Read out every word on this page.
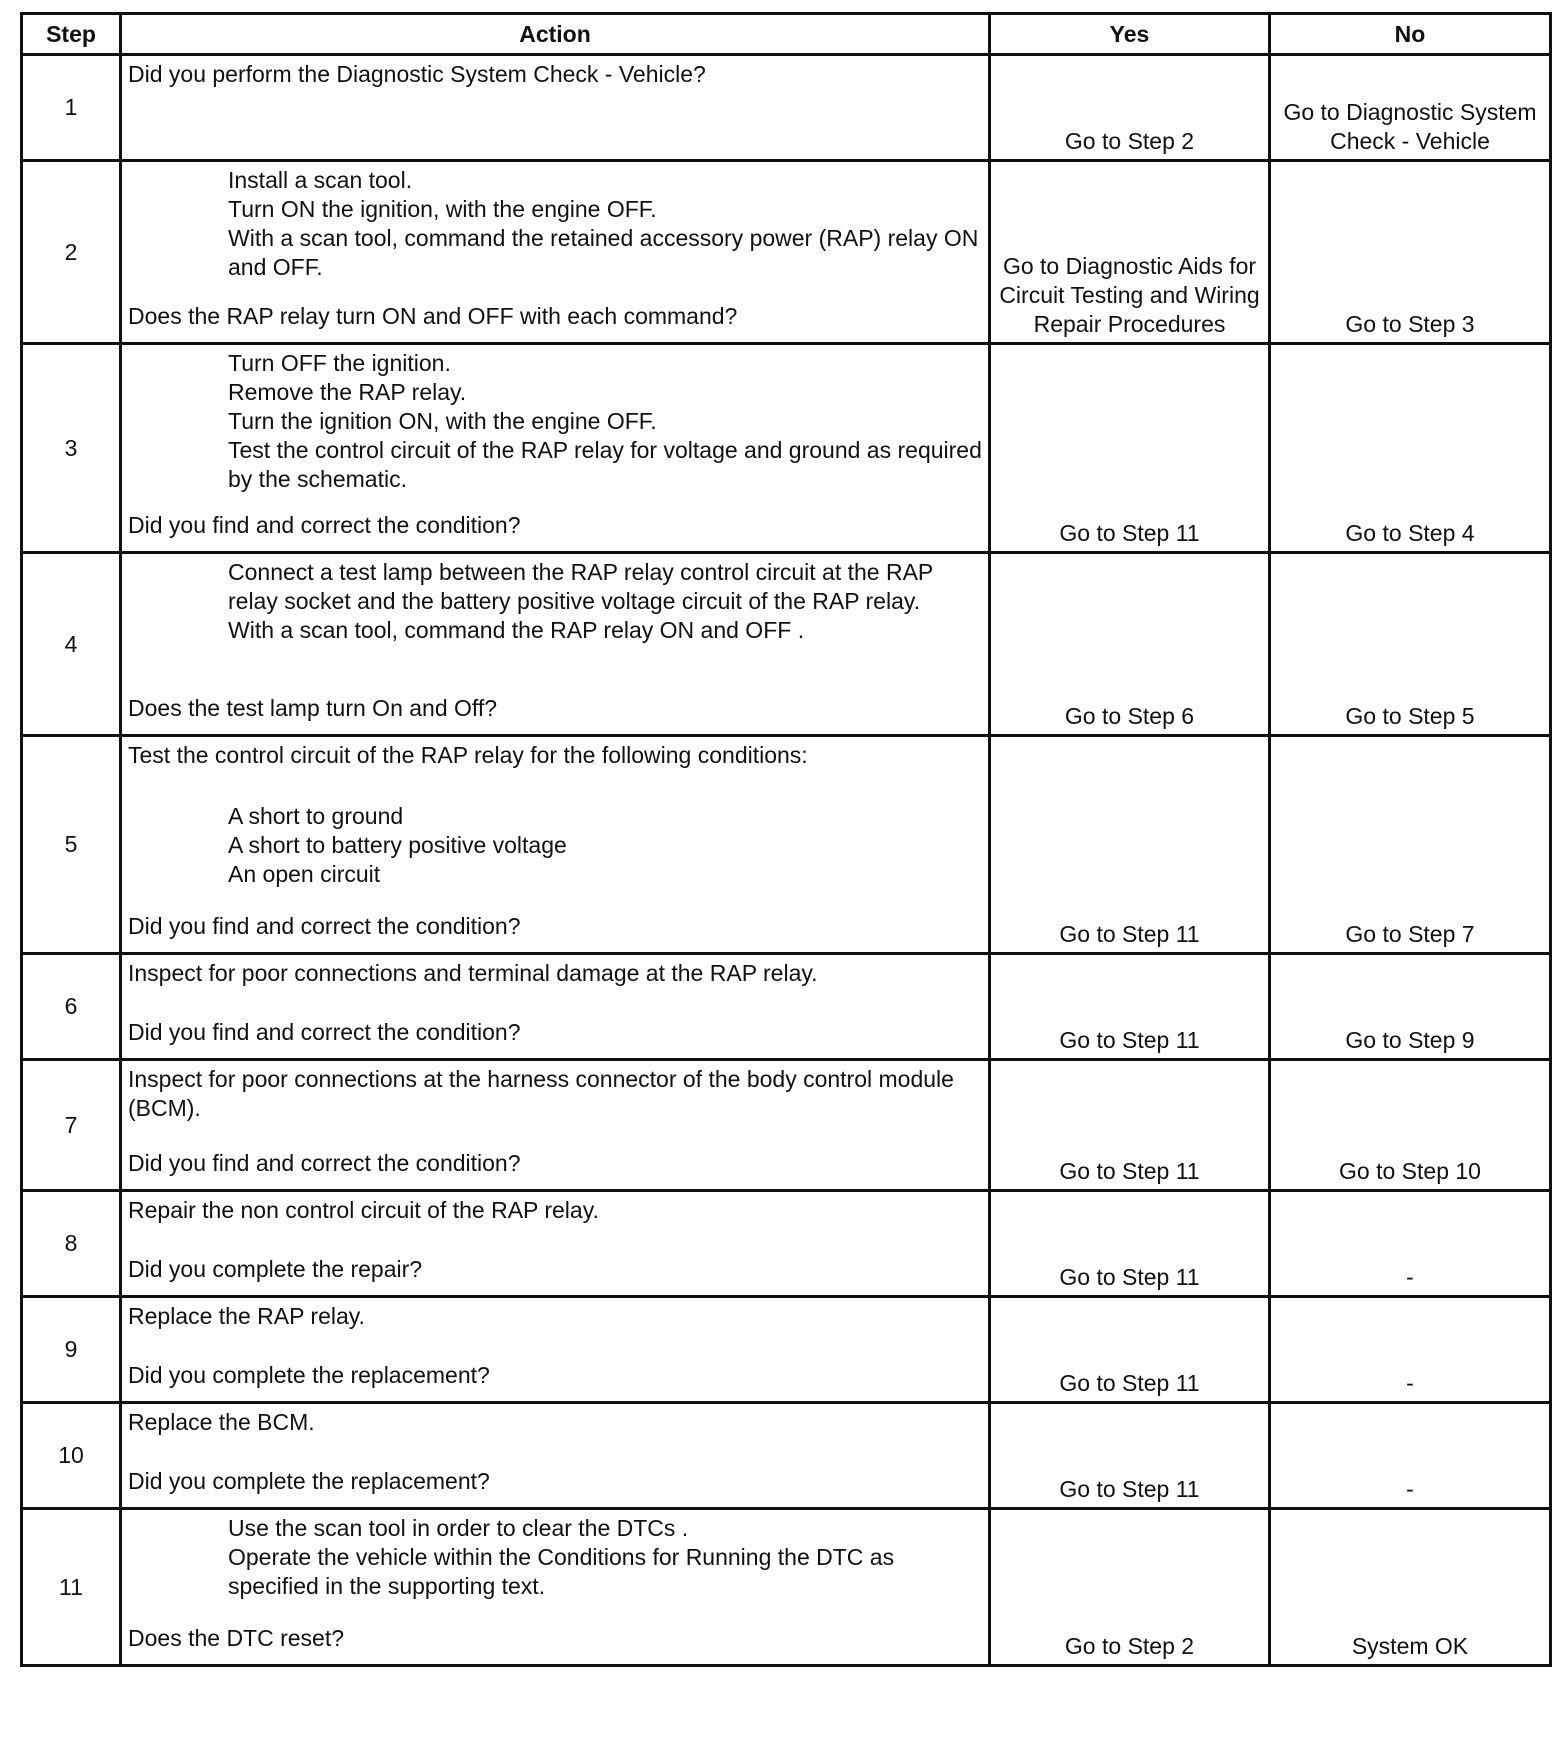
Step	Action	Yes	No
1	Did you perform the Diagnostic System Check - Vehicle?	Go to Step 2	Go to Diagnostic System Check - Vehicle
2	Install a scan tool.
Turn ON the ignition, with the engine OFF.
With a scan tool, command the retained accessory power (RAP) relay ON and OFF.

Does the RAP relay turn ON and OFF with each command?	Go to Diagnostic Aids for Circuit Testing and Wiring Repair Procedures	Go to Step 3
3	Turn OFF the ignition.
Remove the RAP relay.
Turn the ignition ON, with the engine OFF.
Test the control circuit of the RAP relay for voltage and ground as required by the schematic.

Did you find and correct the condition?	Go to Step 11	Go to Step 4
4	Connect a test lamp between the RAP relay control circuit at the RAP relay socket and the battery positive voltage circuit of the RAP relay.
With a scan tool, command the RAP relay ON and OFF .

Does the test lamp turn On and Off?	Go to Step 6	Go to Step 5
5	Test the control circuit of the RAP relay for the following conditions:

A short to ground
A short to battery positive voltage
An open circuit

Did you find and correct the condition?	Go to Step 11	Go to Step 7
6	Inspect for poor connections and terminal damage at the RAP relay.

Did you find and correct the condition?	Go to Step 11	Go to Step 9
7	Inspect for poor connections at the harness connector of the body control module (BCM).

Did you find and correct the condition?	Go to Step 11	Go to Step 10
8	Repair the non control circuit of the RAP relay.

Did you complete the repair?	Go to Step 11	-
9	Replace the RAP relay.

Did you complete the replacement?	Go to Step 11	-
10	Replace the BCM.

Did you complete the replacement?	Go to Step 11	-
11	Use the scan tool in order to clear the DTCs .
Operate the vehicle within the Conditions for Running the DTC as specified in the supporting text.

Does the DTC reset?	Go to Step 2	System OK
